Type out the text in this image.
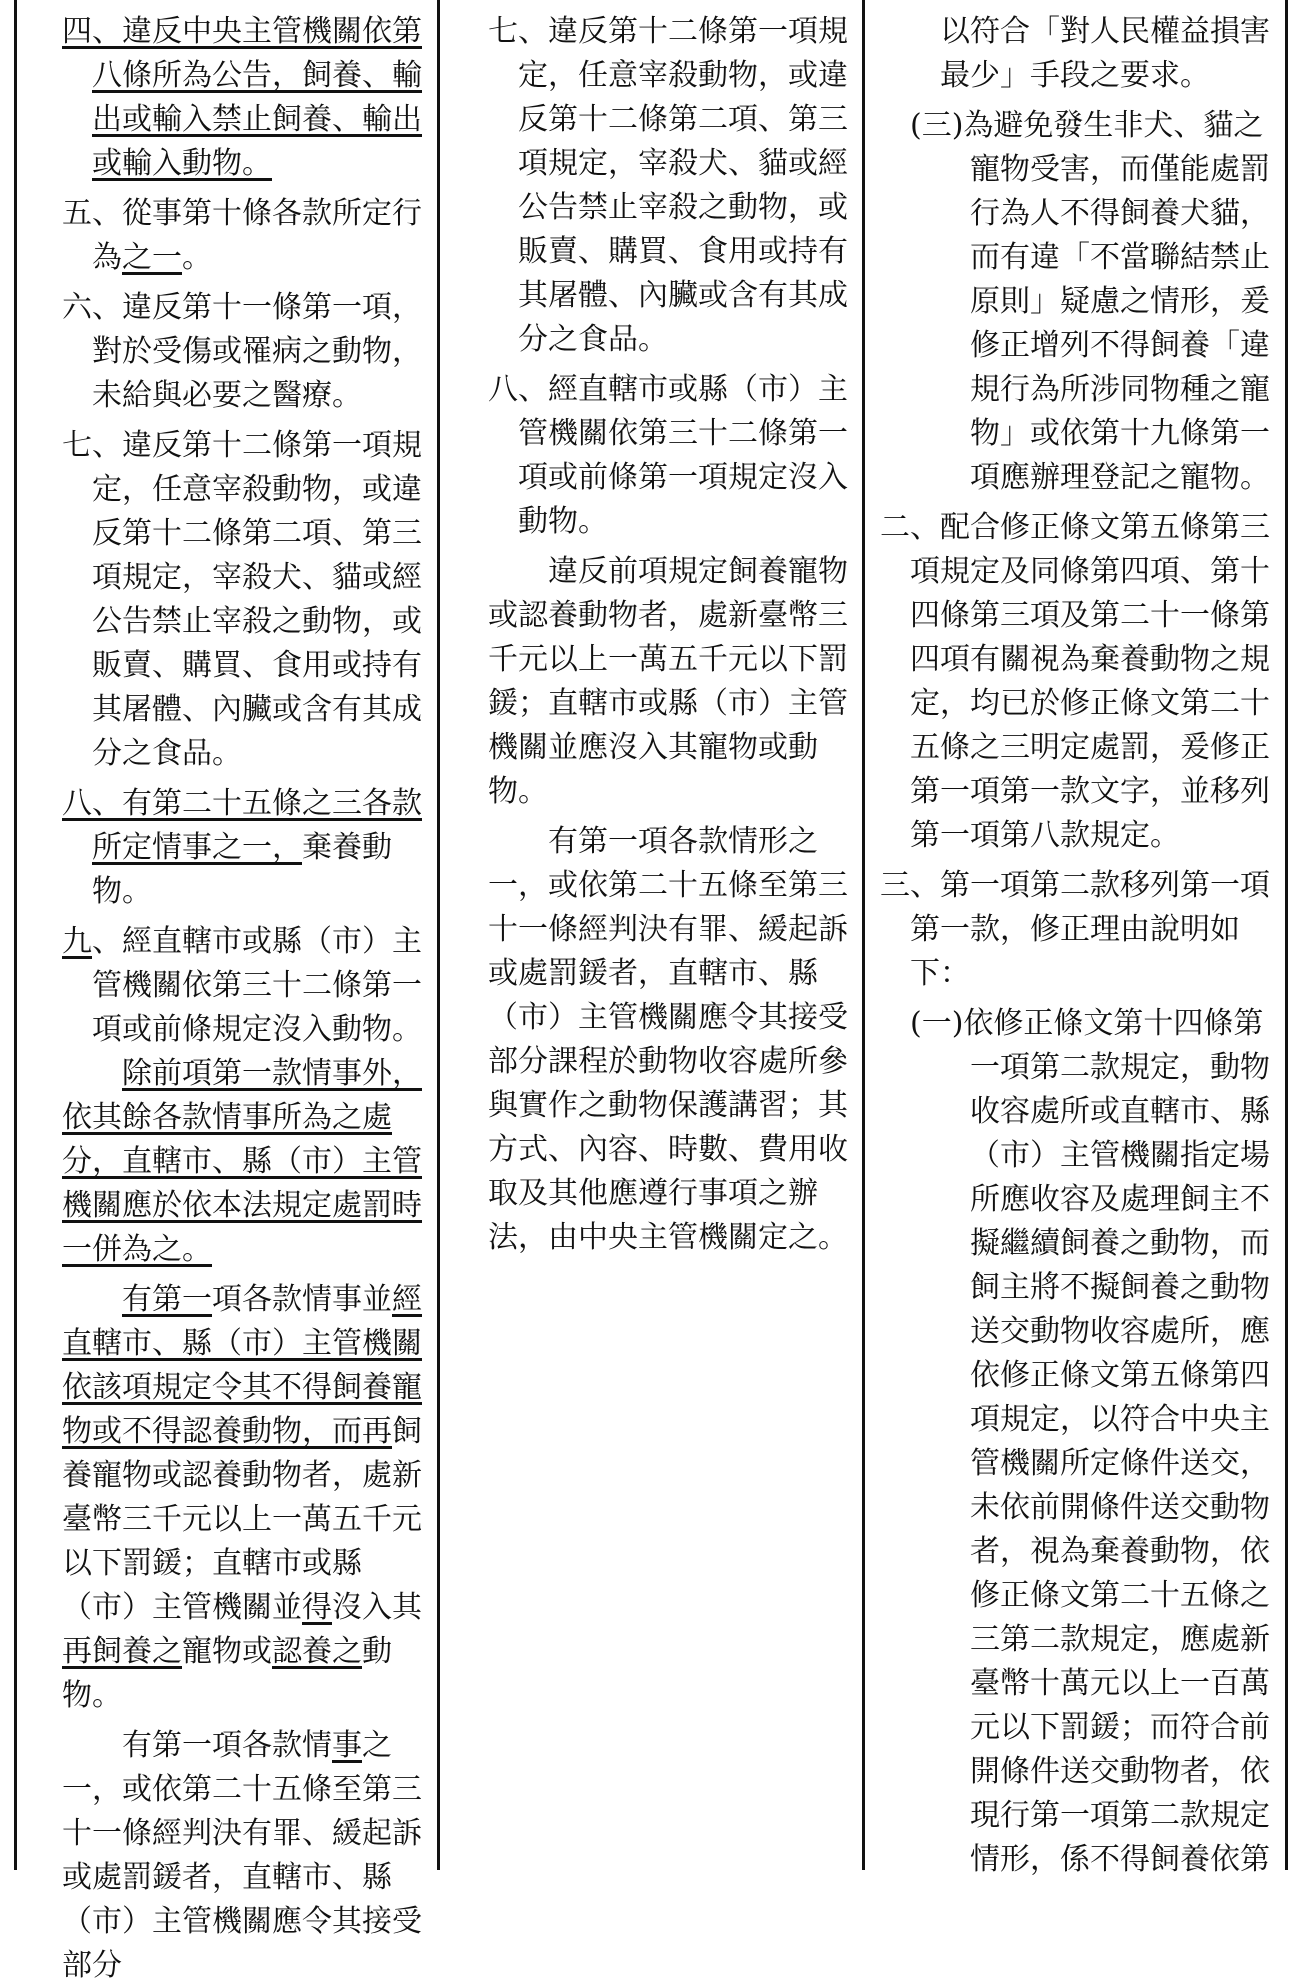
四、違反中央主管機關依第八條所為公告，飼養、輸出或輸入禁止飼養、輸出或輸入動物。

五、從事第十條各款所定行為之一。

六、違反第十一條第一項，對於受傷或罹病之動物，未給與必要之醫療。

七、違反第十二條第一項規定，任意宰殺動物，或違反第十二條第二項、第三項規定，宰殺犬、貓或經公告禁止宰殺之動物，或販賣、購買、食用或持有其屠體、內臟或含有其成分之食品。

八、有第二十五條之三各款所定情事之一，棄養動物。

九、經直轄市或縣（市）主管機關依第三十二條第一項或前條規定沒入動物。

除前項第一款情事外，依其餘各款情事所為之處分，直轄市、縣（市）主管機關應於依本法規定處罰時一併為之。

有第一項各款情事並經直轄市、縣（市）主管機關依該項規定令其不得飼養寵物或不得認養動物，而再飼養寵物或認養動物者，處新臺幣三千元以上一萬五千元以下罰鍰；直轄市或縣（市）主管機關並得沒入其再飼養之寵物或認養之動物。

有第一項各款情事之一，或依第二十五條至第三十一條經判決有罪、緩起訴或處罰鍰者，直轄市、縣（市）主管機關應令其接受部分

七、違反第十二條第一項規定，任意宰殺動物，或違反第十二條第二項、第三項規定，宰殺犬、貓或經公告禁止宰殺之動物，或販賣、購買、食用或持有其屠體、內臟或含有其成分之食品。

八、經直轄市或縣（市）主管機關依第三十二條第一項或前條第一項規定沒入動物。

違反前項規定飼養寵物或認養動物者，處新臺幣三千元以上一萬五千元以下罰鍰；直轄市或縣（市）主管機關並應沒入其寵物或動物。

有第一項各款情形之一，或依第二十五條至第三十一條經判決有罪、緩起訴或處罰鍰者，直轄市、縣（市）主管機關應令其接受部分課程於動物收容處所參與實作之動物保護講習；其方式、內容、時數、費用收取及其他應遵行事項之辦法，由中央主管機關定之。

以符合「對人民權益損害最少」手段之要求。

(三)為避免發生非犬、貓之寵物受害，而僅能處罰行為人不得飼養犬貓，而有違「不當聯結禁止原則」疑慮之情形，爰修正增列不得飼養「違規行為所涉同物種之寵物」或依第十九條第一項應辦理登記之寵物。

二、配合修正條文第五條第三項規定及同條第四項、第十四條第三項及第二十一條第四項有關視為棄養動物之規定，均已於修正條文第二十五條之三明定處罰，爰修正第一項第一款文字，並移列第一項第八款規定。

三、第一項第二款移列第一項第一款，修正理由說明如下：

(一)依修正條文第十四條第一項第二款規定，動物收容處所或直轄市、縣（市）主管機關指定場所應收容及處理飼主不擬繼續飼養之動物，而飼主將不擬飼養之動物送交動物收容處所，應依修正條文第五條第四項規定，以符合中央主管機關所定條件送交，未依前開條件送交動物者，視為棄養動物，依修正條文第二十五條之三第二款規定，應處新臺幣十萬元以上一百萬元以下罰鍰；而符合前開條件送交動物者，依現行第一項第二款規定情形，係不得飼養依第
